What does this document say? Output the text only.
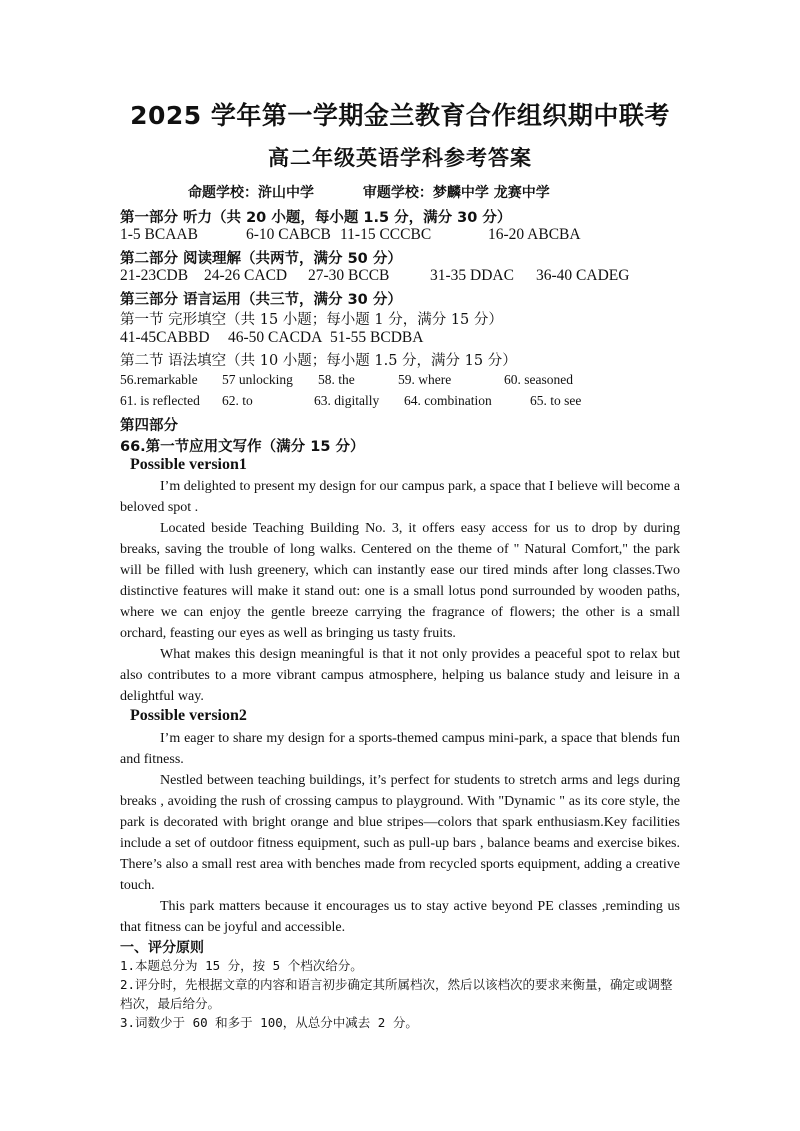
2025 学年第一学期金兰教育合作组织期中联考
高二年级英语学科参考答案
命题学校：浒山中学	审题学校：梦麟中学 龙赛中学
第一部分 听力（共 20 小题，每小题 1.5 分，满分 30 分）
1-5 BCAAB	6-10 CABCB 11-15 CCCBC	16-20 ABCBA
第二部分 阅读理解（共两节，满分 50 分）
21-23CDB 24-26 CACD 27-30 BCCB	31-35 DDAC 36-40 CADEG
第三部分 语言运用（共三节，满分 30 分）
第一节 完形填空（共 15 小题；每小题 1 分，满分 15 分）
41-45CABBD 46-50 CACDA 51-55 BCDBA
第二节 语法填空（共 10 小题；每小题 1.5 分，满分 15 分）
56.remarkable 57 unlocking 58. the	59. where	60. seasoned
61. is reflected 62. to	63. digitally 64. combination	65. to see
第四部分
66.第一节应用文写作（满分 15 分）
Possible version1
I’m delighted to present my design for our campus park, a space that I believe will become a beloved spot .
Located beside Teaching Building No. 3, it offers easy access for us to drop by during breaks, saving the trouble of long walks. Centered on the theme of " Natural Comfort," the park will be filled with lush greenery, which can instantly ease our tired minds after long classes.Two distinctive features will make it stand out: one is a small lotus pond surrounded by wooden paths, where we can enjoy the gentle breeze carrying the fragrance of flowers; the other is a small orchard, feasting our eyes as well as bringing us tasty fruits.
What makes this design meaningful is that it not only provides a peaceful spot to relax but also contributes to a more vibrant campus atmosphere, helping us balance study and leisure in a delightful way.
Possible version2
I’m eager to share my design for a sports-themed campus mini-park, a space that blends fun and fitness.
Nestled between teaching buildings, it’s perfect for students to stretch arms and legs during breaks , avoiding the rush of crossing campus to playground. With "Dynamic " as its core style, the park is decorated with bright orange and blue stripes—colors that spark enthusiasm.Key facilities include a set of outdoor fitness equipment, such as pull-up bars , balance beams and exercise bikes. There’s also a small rest area with benches made from recycled sports equipment, adding a creative touch.
This park matters because it encourages us to stay active beyond PE classes ,reminding us that fitness can be joyful and accessible.
一、评分原则
1.本题总分为 15 分，按 5 个档次给分。
2.评分时，先根据文章的内容和语言初步确定其所属档次，然后以该档次的要求来衡量，确定或调整档次，最后给分。
3.词数少于 60 和多于 100，从总分中减去 2 分。
